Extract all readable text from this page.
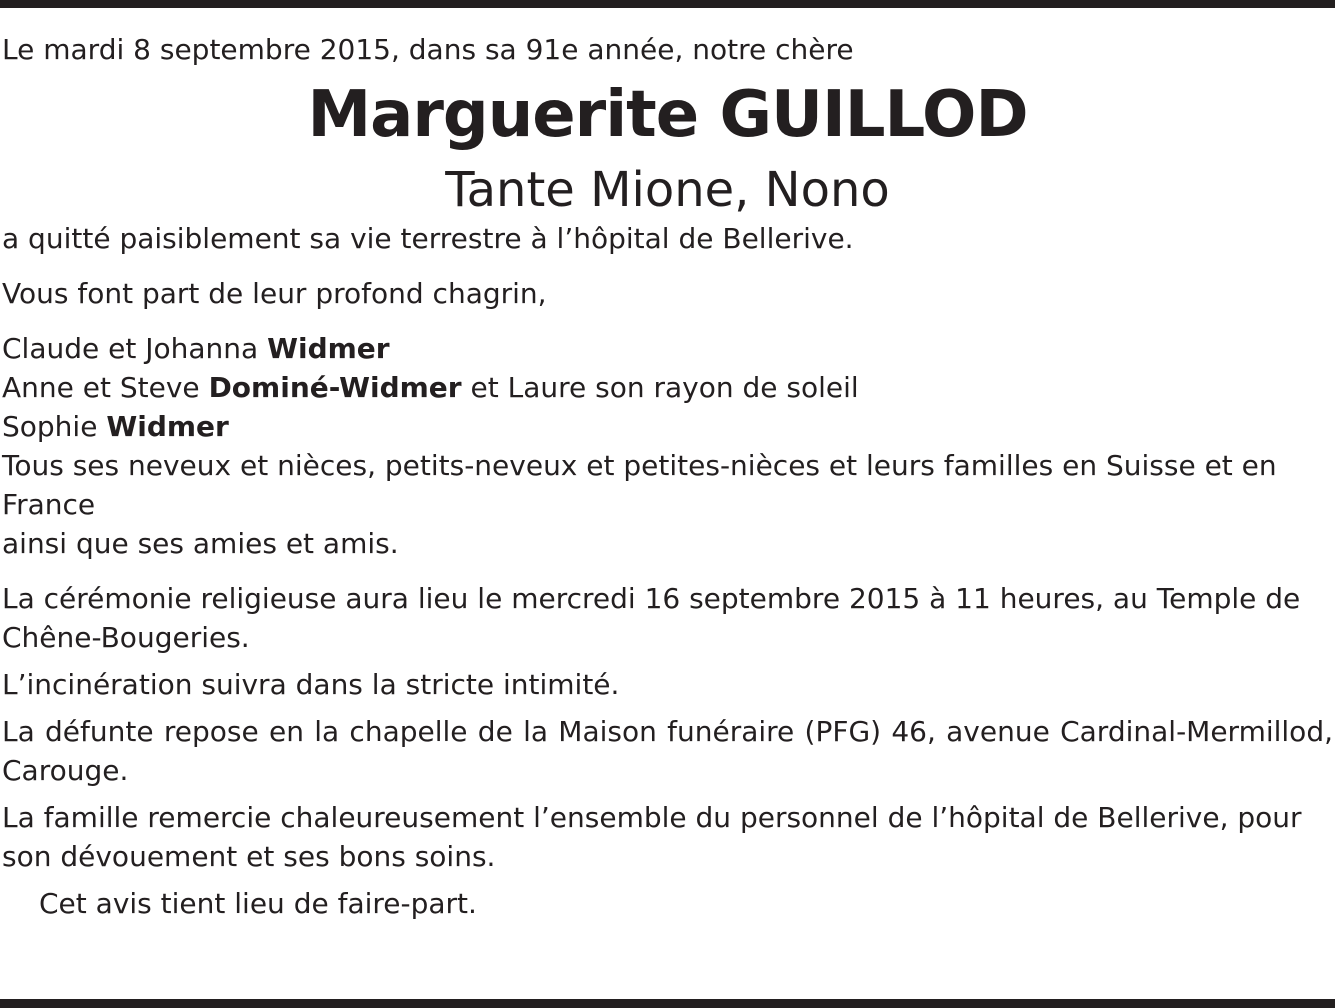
Le mardi 8 septembre 2015, dans sa 91e année, notre chère

Marguerite GUILLOD

Tante Mione, Nono

a quitté paisiblement sa vie terrestre à l’hôpital de Bellerive.

Vous font part de leur profond chagrin,

Claude et Johanna Widmer

Anne et Steve Dominé-Widmer et Laure son rayon de soleil

Sophie Widmer

Tous ses neveux et nièces, petits-neveux et petites-nièces et leurs familles en Suisse et en France

ainsi que ses amies et amis.

La cérémonie religieuse aura lieu le mercredi 16 septembre 2015 à 11 heures, au Temple de Chêne-Bougeries.

L’incinération suivra dans la stricte intimité.

La défunte repose en la chapelle de la Maison funéraire (PFG) 46, avenue Cardinal-Mermillod, Carouge.

La famille remercie chaleureusement l’ensemble du personnel de l’hôpital de Bellerive, pour son dévouement et ses bons soins.

Cet avis tient lieu de faire-part.
